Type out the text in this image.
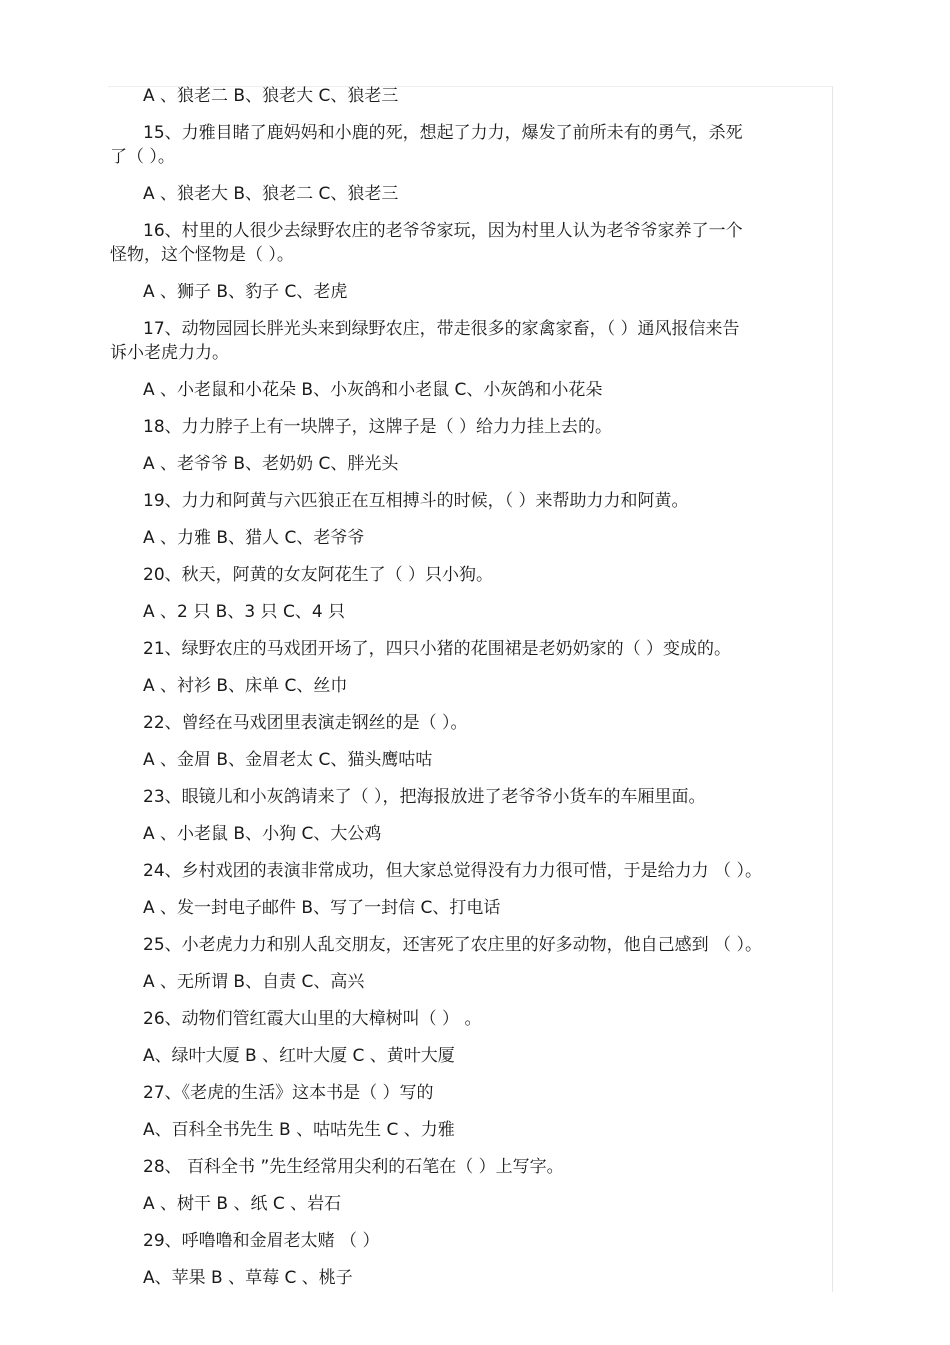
A 、狼老二 B、狼老大 C、狼老三
15、力雅目睹了鹿妈妈和小鹿的死，想起了力力，爆发了前所未有的勇气，杀死
了（ ）。
A 、狼老大 B、狼老二 C、狼老三
16、村里的人很少去绿野农庄的老爷爷家玩，因为村里人认为老爷爷家养了一个
怪物，这个怪物是（ ）。
A 、狮子 B、豹子 C、老虎
17、动物园园长胖光头来到绿野农庄，带走很多的家禽家畜，（ ）通风报信来告
诉小老虎力力。
A 、小老鼠和小花朵 B、小灰鸽和小老鼠 C、小灰鸽和小花朵
18、力力脖子上有一块牌子，这牌子是（ ）给力力挂上去的。
A 、老爷爷 B、老奶奶 C、胖光头
19、力力和阿黄与六匹狼正在互相搏斗的时候，（ ）来帮助力力和阿黄。
A 、力雅 B、猎人 C、老爷爷
20、秋天，阿黄的女友阿花生了（ ）只小狗。
A 、2 只 B、3 只 C、4 只
21、绿野农庄的马戏团开场了，四只小猪的花围裙是老奶奶家的（ ）变成的。
A 、衬衫 B、床单 C、丝巾
22、曾经在马戏团里表演走钢丝的是（ ）。
A 、金眉 B、金眉老太 C、猫头鹰咕咕
23、眼镜儿和小灰鸽请来了（ ），把海报放进了老爷爷小货车的车厢里面。
A 、小老鼠 B、小狗 C、大公鸡
24、乡村戏团的表演非常成功，但大家总觉得没有力力很可惜，于是给力力 （ ）。
A 、发一封电子邮件 B、写了一封信 C、打电话
25、小老虎力力和别人乱交朋友，还害死了农庄里的好多动物，他自己感到 （ ）。
A 、无所谓 B、自责 C、高兴
26、动物们管红霞大山里的大樟树叫（ ） 。
A、绿叶大厦 B 、红叶大厦 C 、黄叶大厦
27、《老虎的生活》这本书是（ ）写的
A、百科全书先生 B 、咕咕先生 C 、力雅
28、 百科全书 ”先生经常用尖利的石笔在（ ）上写字。
A 、树干 B 、纸 C 、岩石
29、呼噜噜和金眉老太赌 （ ）
A、苹果 B 、草莓 C 、桃子
